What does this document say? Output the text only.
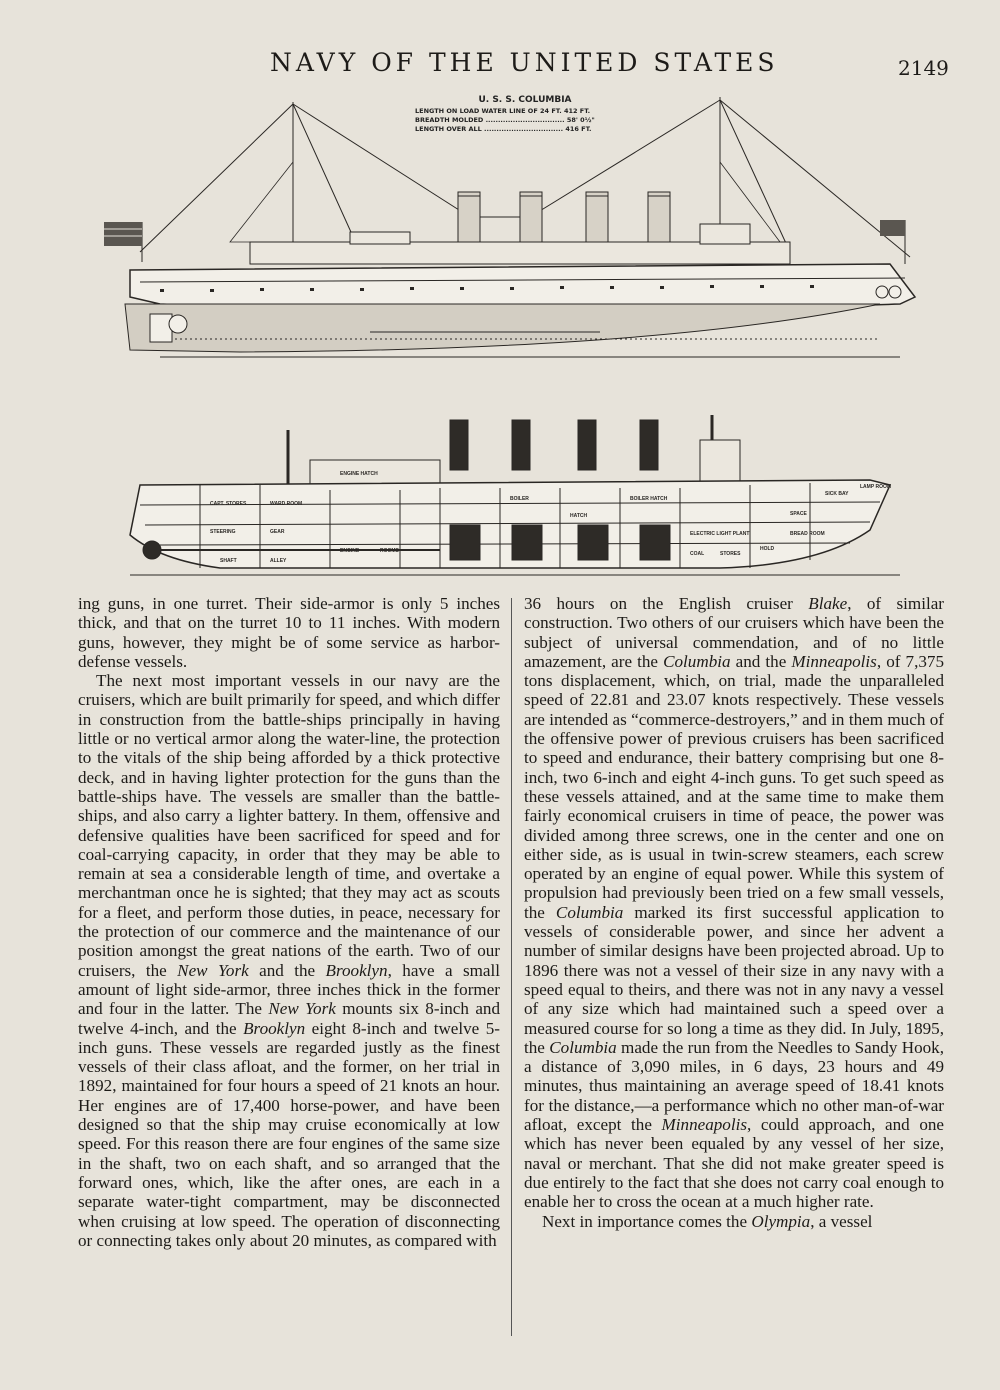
NAVY OF THE UNITED STATES	2149
U. S. S. COLUMBIA
LENGTH ON LOAD WATER LINE OF 24 FT. 412 FT.
BREADTH MOLDED ................................ 58' 0½"
LENGTH OVER ALL ................................ 416 FT.
STEERING	GEAR
SHAFT	ALLEY
ENGINE	ROOMS
ENGINE HATCH
BOILER
HATCH
BOILER HATCH
COAL	STORES
HOLD
BREAD ROOM
SICK BAY
LAMP ROOM
SPACE
CAPT. STORES	WARD ROOM
ELECTRIC LIGHT PLANT

ing guns, in one turret. Their side-armor is only 5 inches thick, and that on the turret 10 to 11 inches. With modern guns, however, they might be of some service as harbor-defense vessels.

The next most important vessels in our navy are the cruisers, which are built primarily for speed, and which differ in construction from the battle-ships principally in having little or no vertical armor along the water-line, the protection to the vitals of the ship being afforded by a thick protective deck, and in having lighter protection for the guns than the battle-ships have. The vessels are smaller than the battle-ships, and also carry a lighter battery. In them, offensive and defensive qualities have been sacrificed for speed and for coal-carrying capacity, in order that they may be able to remain at sea a considerable length of time, and overtake a merchantman once he is sighted; that they may act as scouts for a fleet, and perform those duties, in peace, necessary for the protection of our commerce and the maintenance of our position amongst the great nations of the earth. Two of our cruisers, the New York and the Brooklyn, have a small amount of light side-armor, three inches thick in the former and four in the latter. The New York mounts six 8-inch and twelve 4-inch, and the Brooklyn eight 8-inch and twelve 5-inch guns. These vessels are regarded justly as the finest vessels of their class afloat, and the former, on her trial in 1892, maintained for four hours a speed of 21 knots an hour. Her engines are of 17,400 horse-power, and have been designed so that the ship may cruise economically at low speed. For this reason there are four engines of the same size in the shaft, two on each shaft, and so arranged that the forward ones, which, like the after ones, are each in a separate water-tight compartment, may be disconnected when cruising at low speed. The operation of disconnecting or connecting takes only about 20 minutes, as compared with

36 hours on the English cruiser Blake, of similar construction. Two others of our cruisers which have been the subject of universal commendation, and of no little amazement, are the Columbia and the Minneapolis, of 7,375 tons displacement, which, on trial, made the unparalleled speed of 22.81 and 23.07 knots respectively. These vessels are intended as “commerce-destroyers,” and in them much of the offensive power of previous cruisers has been sacrificed to speed and endurance, their battery comprising but one 8-inch, two 6-inch and eight 4-inch guns. To get such speed as these vessels attained, and at the same time to make them fairly economical cruisers in time of peace, the power was divided among three screws, one in the center and one on either side, as is usual in twin-screw steamers, each screw operated by an engine of equal power. While this system of propulsion had previously been tried on a few small vessels, the Columbia marked its first successful application to vessels of considerable power, and since her advent a number of similar designs have been projected abroad. Up to 1896 there was not a vessel of their size in any navy with a speed equal to theirs, and there was not in any navy a vessel of any size which had maintained such a speed over a measured course for so long a time as they did. In July, 1895, the Columbia made the run from the Needles to Sandy Hook, a distance of 3,090 miles, in 6 days, 23 hours and 49 minutes, thus maintaining an average speed of 18.41 knots for the distance,—a performance which no other man-of-war afloat, except the Minneapolis, could approach, and one which has never been equaled by any vessel of her size, naval or merchant. That she did not make greater speed is due entirely to the fact that she does not carry coal enough to enable her to cross the ocean at a much higher rate.

Next in importance comes the Olympia, a vessel
